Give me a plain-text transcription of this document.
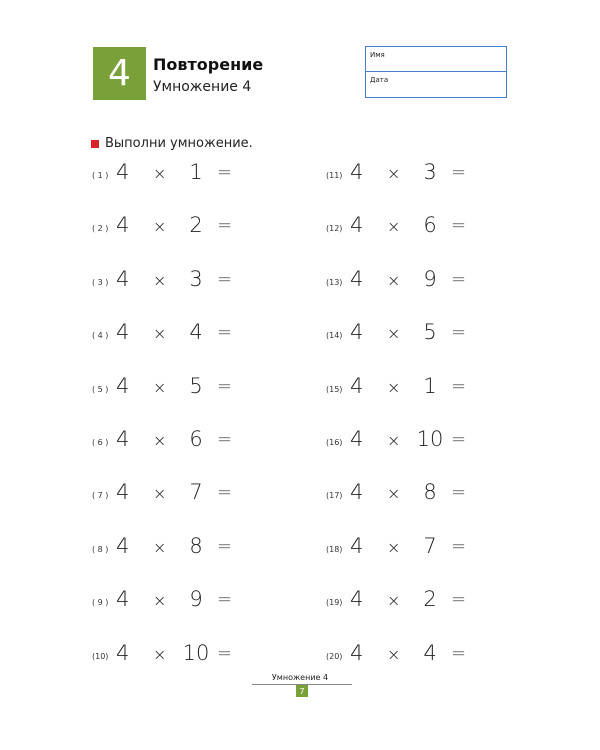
4	Повторение
Умножение 4
Имя
Дата
Выполни умножение.
( 1 ) 4 ×	1 =
( 2 ) 4 ×	2 =
( 3 ) 4 ×	3 =
( 4 ) 4 ×	4 =
( 5 ) 4 ×	5 =
( 6 ) 4 ×	6 =
( 7 ) 4 ×	7 =
( 8 ) 4 ×	8 =
( 9 ) 4 ×	9 =
(10) 4 × 10 =
(11) 4 ×	3 =
(12) 4 ×	6 =
(13) 4 ×	9 =
(14) 4 ×	5 =
(15) 4 ×	1 =
(16) 4 × 10 =
(17) 4 ×	8 =
(18) 4 ×	7 =
(19) 4 ×	2 =
(20) 4 ×	4 =
Умножение 4
7
